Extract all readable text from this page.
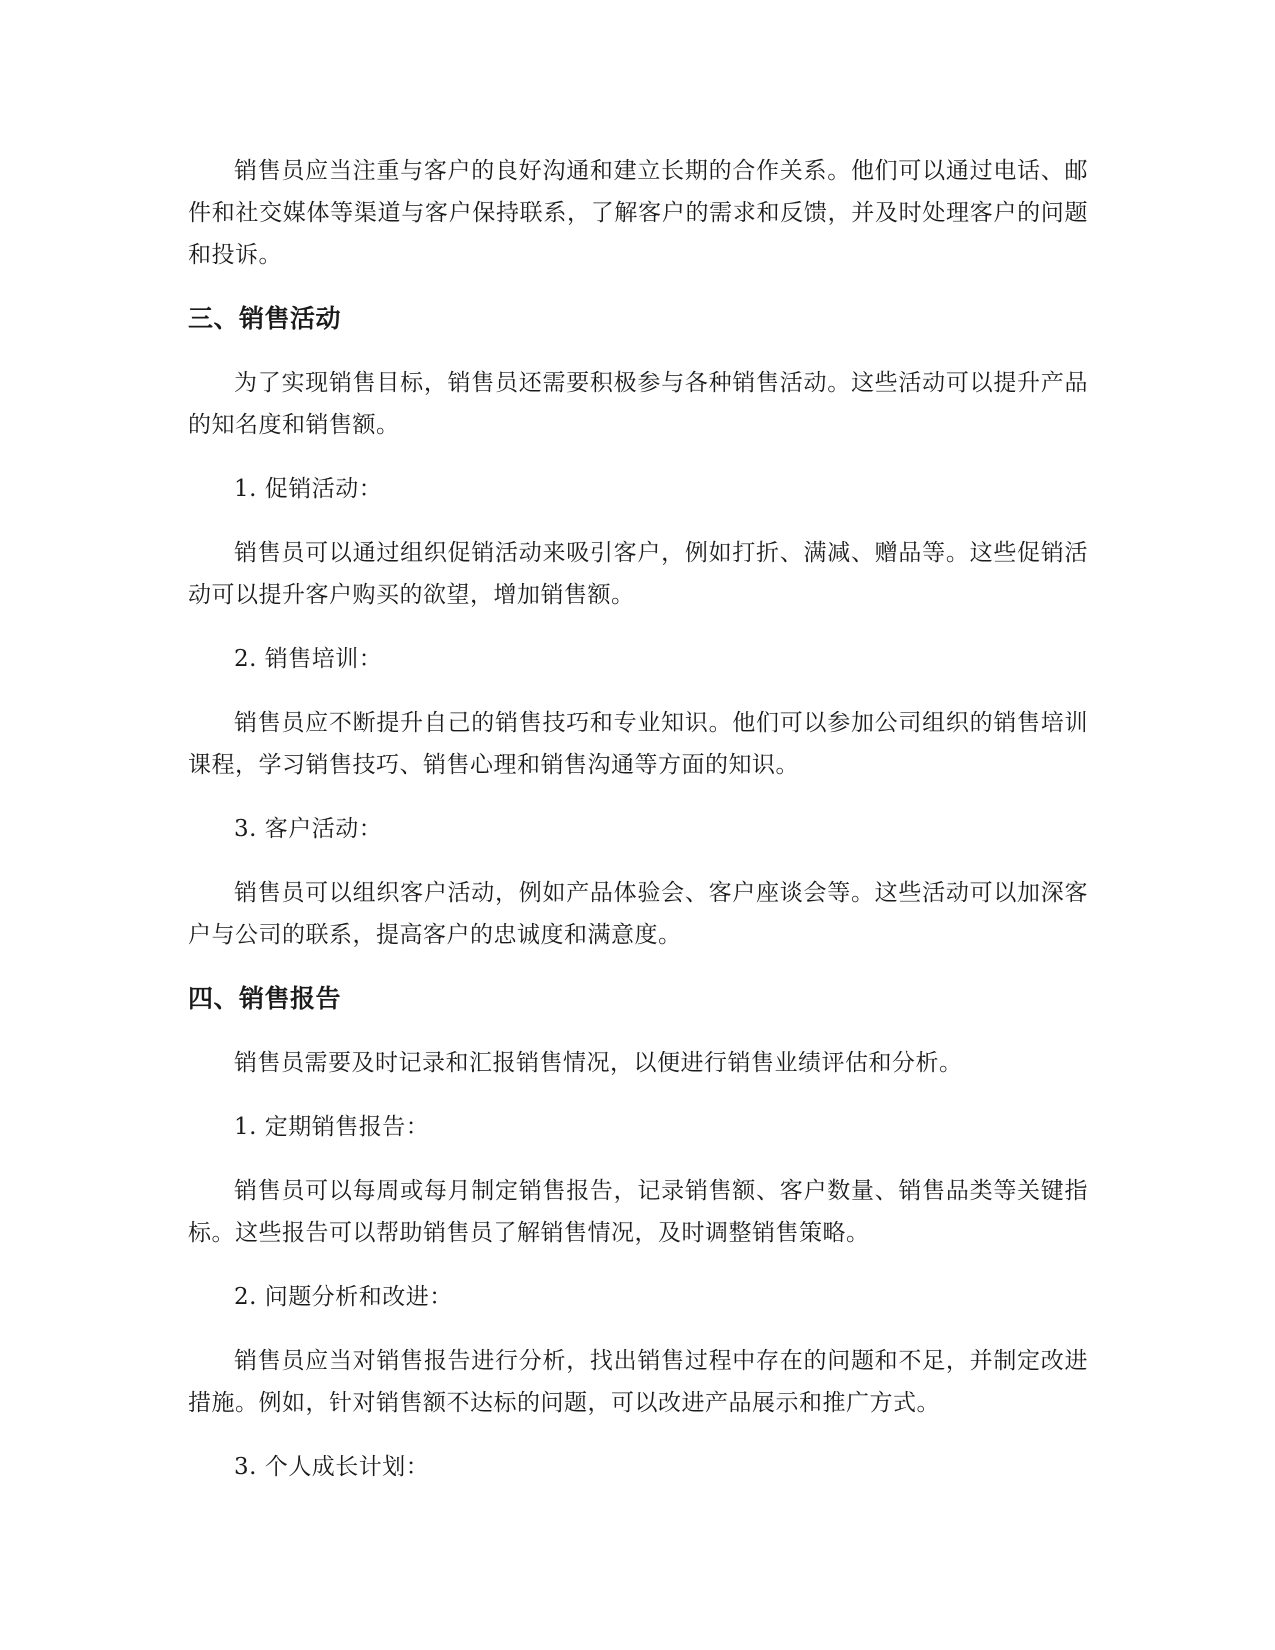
销售员应当注重与客户的良好沟通和建立长期的合作关系。他们可以通过电话、邮件和社交媒体等渠道与客户保持联系，了解客户的需求和反馈，并及时处理客户的问题和投诉。

三、销售活动

为了实现销售目标，销售员还需要积极参与各种销售活动。这些活动可以提升产品的知名度和销售额。

1. 促销活动：

销售员可以通过组织促销活动来吸引客户，例如打折、满减、赠品等。这些促销活动可以提升客户购买的欲望，增加销售额。

2. 销售培训：

销售员应不断提升自己的销售技巧和专业知识。他们可以参加公司组织的销售培训课程，学习销售技巧、销售心理和销售沟通等方面的知识。

3. 客户活动：

销售员可以组织客户活动，例如产品体验会、客户座谈会等。这些活动可以加深客户与公司的联系，提高客户的忠诚度和满意度。

四、销售报告

销售员需要及时记录和汇报销售情况，以便进行销售业绩评估和分析。

1. 定期销售报告：

销售员可以每周或每月制定销售报告，记录销售额、客户数量、销售品类等关键指标。这些报告可以帮助销售员了解销售情况，及时调整销售策略。

2. 问题分析和改进：

销售员应当对销售报告进行分析，找出销售过程中存在的问题和不足，并制定改进措施。例如，针对销售额不达标的问题，可以改进产品展示和推广方式。

3. 个人成长计划：
